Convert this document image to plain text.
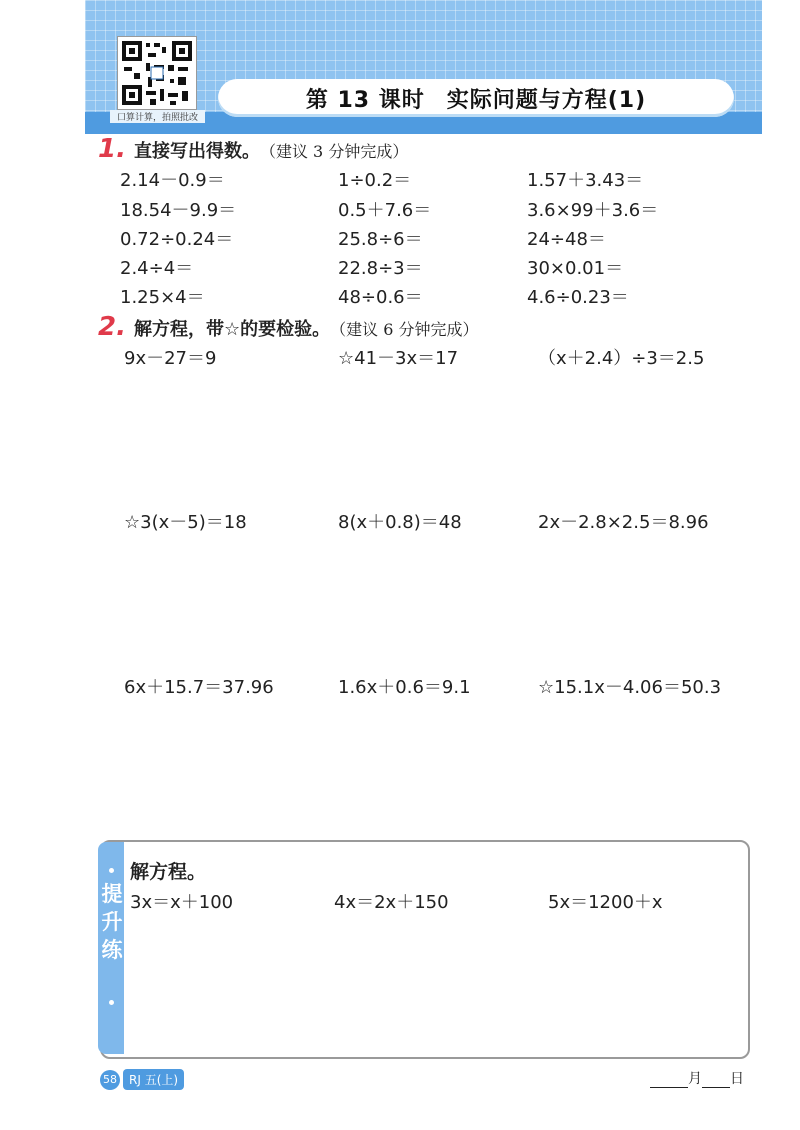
口算计算，拍照批改
第 13 课时 实际问题与方程(1)
1. 直接写出得数。 （建议 3 分钟完成）
2.14－0.9＝	1÷0.2＝	1.57＋3.43＝
18.54－9.9＝	0.5＋7.6＝	3.6×99＋3.6＝
0.72÷0.24＝	25.8÷6＝	24÷48＝
2.4÷4＝	22.8÷3＝	30×0.01＝
1.25×4＝	48÷0.6＝	4.6÷0.23＝
2. 解方程，带☆的要检验。 （建议 6 分钟完成）
9x－27＝9	☆41－3x＝17	（x＋2.4）÷3＝2.5
☆3(x－5)＝18	8(x＋0.8)＝48	2x－2.8×2.5＝8.96
6x＋15.7＝37.96	1.6x＋0.6＝9.1	☆15.1x－4.06＝50.3
提升练
解方程。
3x＝x＋100	4x＝2x＋150	5x＝1200＋x
58	RJ 五(上)	月 日
